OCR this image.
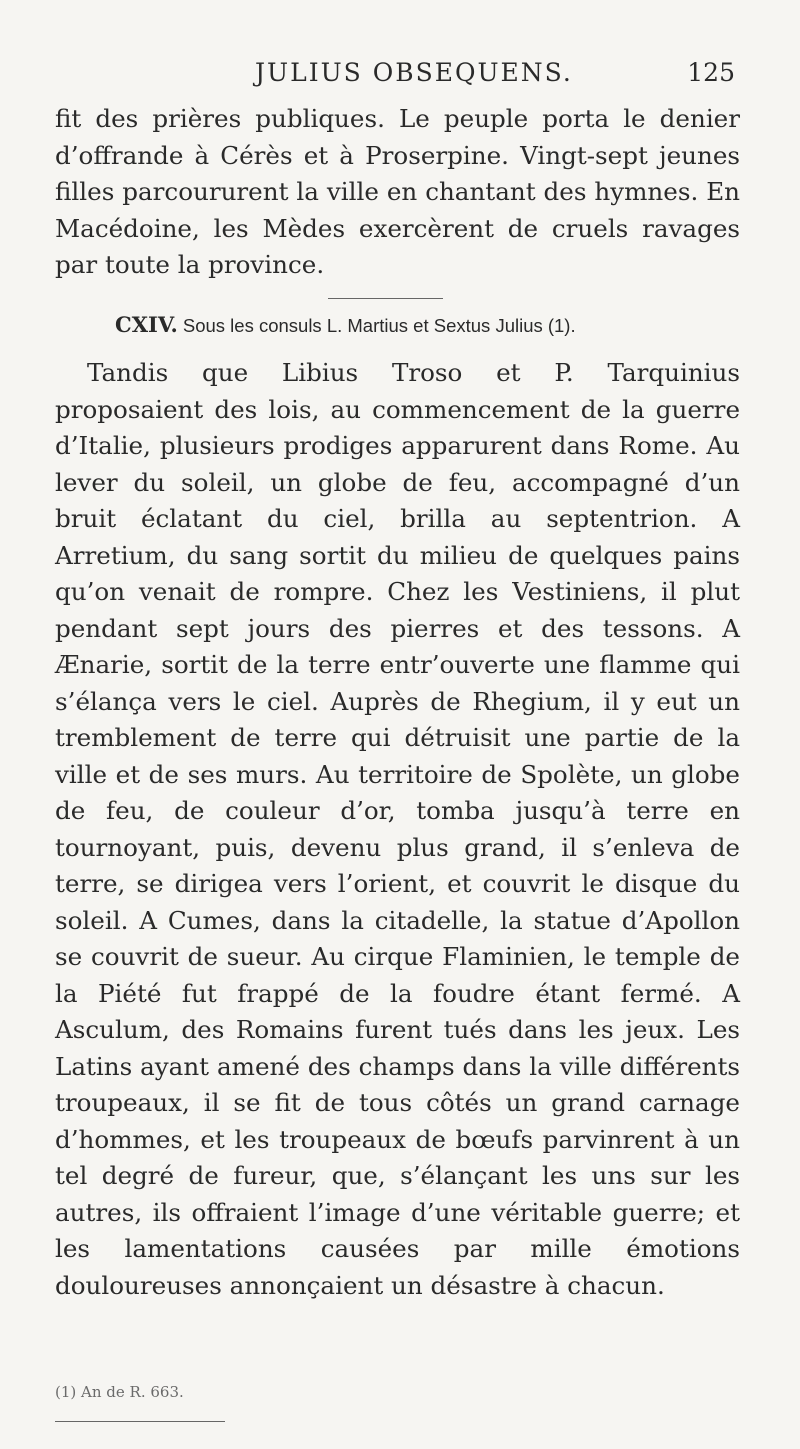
JULIUS OBSEQUENS.	125

fit des prières publiques. Le peuple porta le denier d’offrande à Cérès et à Proserpine. Vingt-sept jeunes filles parcoururent la ville en chantant des hymnes. En Macédoine, les Mèdes exercèrent de cruels ravages par toute la province.

CXIV. Sous les consuls L. Martius et Sextus Julius (1).

Tandis que Libius Troso et P. Tarquinius proposaient des lois, au commencement de la guerre d’Italie, plusieurs prodiges apparurent dans Rome. Au lever du soleil, un globe de feu, accompagné d’un bruit éclatant du ciel, brilla au septentrion. A Arretium, du sang sortit du milieu de quelques pains qu’on venait de rompre. Chez les Vestiniens, il plut pendant sept jours des pierres et des tessons. A Ænarie, sortit de la terre entr’ouverte une flamme qui s’élança vers le ciel. Auprès de Rhegium, il y eut un tremblement de terre qui détruisit une partie de la ville et de ses murs. Au territoire de Spolète, un globe de feu, de couleur d’or, tomba jusqu’à terre en tournoyant, puis, devenu plus grand, il s’enleva de terre, se dirigea vers l’orient, et couvrit le disque du soleil. A Cumes, dans la citadelle, la statue d’Apollon se couvrit de sueur. Au cirque Flaminien, le temple de la Piété fut frappé de la foudre étant fermé. A Asculum, des Romains furent tués dans les jeux. Les Latins ayant amené des champs dans la ville différents troupeaux, il se fit de tous côtés un grand carnage d’hommes, et les troupeaux de bœufs parvinrent à un tel degré de fureur, que, s’élançant les uns sur les autres, ils offraient l’image d’une véritable guerre; et les lamentations causées par mille émotions douloureuses annonçaient un désastre à chacun.

(1) An de R. 663.
